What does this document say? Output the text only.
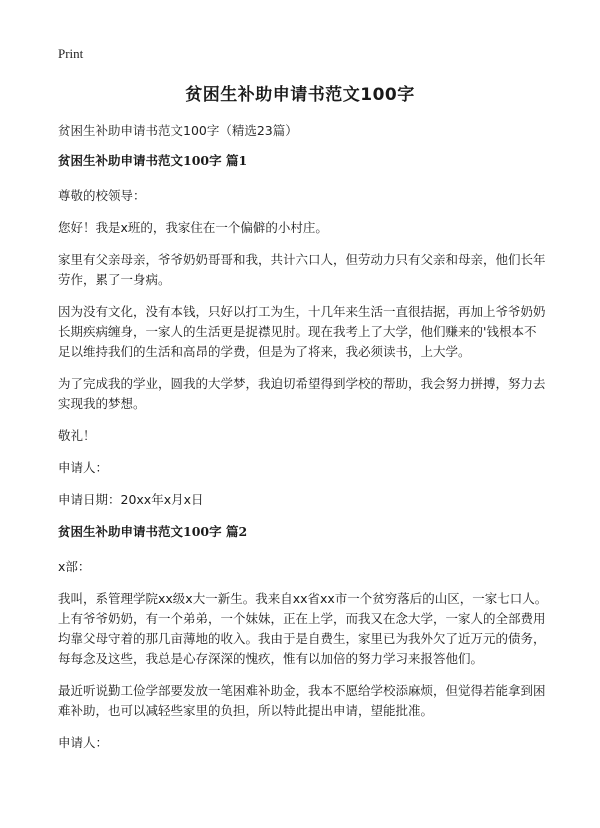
Print
贫困生补助申请书范文100字
贫困生补助申请书范文100字（精选23篇）
贫困生补助申请书范文100字 篇1

尊敬的校领导：

您好！我是x班的，我家住在一个偏僻的小村庄。

家里有父亲母亲，爷爷奶奶哥哥和我，共计六口人，但劳动力只有父亲和母亲，他们长年劳作，累了一身病。

因为没有文化，没有本钱，只好以打工为生，十几年来生活一直很拮据，再加上爷爷奶奶长期疾病缠身，一家人的生活更是捉襟见肘。现在我考上了大学，他们赚来的'钱根本不足以维持我们的生活和高昂的学费，但是为了将来，我必须读书，上大学。

为了完成我的学业，圆我的大学梦，我迫切希望得到学校的帮助，我会努力拼搏，努力去实现我的梦想。

敬礼！

申请人：

申请日期：20xx年x月x日

贫困生补助申请书范文100字 篇2

x部：

我叫，系管理学院xx级x大一新生。我来自xx省xx市一个贫穷落后的山区，一家七口人。上有爷爷奶奶，有一个弟弟，一个妹妹，正在上学，而我又在念大学，一家人的全部费用均靠父母守着的那几亩薄地的收入。我由于是自费生，家里已为我外欠了近万元的债务，每每念及这些，我总是心存深深的愧疚，惟有以加倍的努力学习来报答他们。

最近听说勤工俭学部要发放一笔困难补助金，我本不愿给学校添麻烦，但觉得若能拿到困难补助，也可以减轻些家里的负担，所以特此提出申请，望能批准。

申请人：
